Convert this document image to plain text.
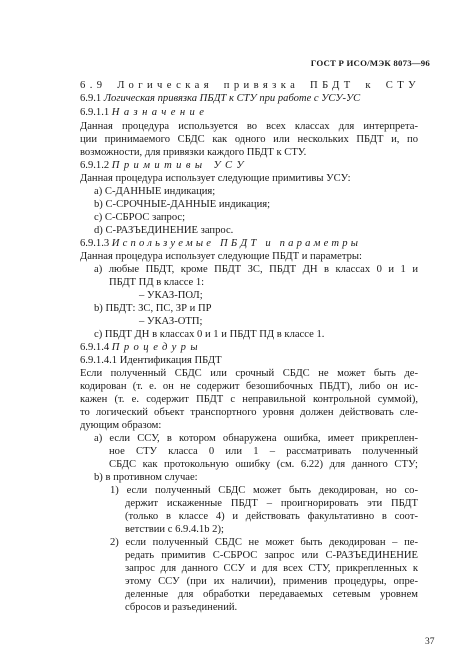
ГОСТ Р ИСО/МЭК 8073—96
6.9 Логическая привязка ПБДТ к СТУ
6.9.1 Логическая привязка ПБДТ к СТУ при работе с УСУ-УС
6.9.1.1 Назначение
Данная процедура используется во всех классах для интерпрета-
ции принимаемого СБДС как одного или нескольких ПБДТ и, по
возможности, для привязки каждого ПБДТ к СТУ.
6.9.1.2 Примитивы УСУ
Данная процедура использует следующие примитивы УСУ:
а) С-ДАННЫЕ индикация;
b) С-СРОЧНЫЕ-ДАННЫЕ индикация;
с) С-СБРОС запрос;
d) С-РАЗЪЕДИНЕНИЕ запрос.
6.9.1.3 Используемые ПБДТ и параметры
Данная процедура использует следующие ПБДТ и параметры:
а) любые ПБДТ, кроме ПБДТ ЗС, ПБДТ ДН в классах 0 и 1 и
ПБДТ ПД в классе 1:
– УКАЗ-ПОЛ;
b) ПБДТ: ЗС, ПС, ЗР и ПР
– УКАЗ-ОТП;
с) ПБДТ ДН в классах 0 и 1 и ПБДТ ПД в классе 1.
6.9.1.4 Процедуры
6.9.1.4.1 Идентификация ПБДТ
Если полученный СБДС или срочный СБДС не может быть де-
кодирован (т. е. он не содержит безошибочных ПБДТ), либо он ис-
кажен (т. е. содержит ПБДТ с неправильной контрольной суммой),
то логический объект транспортного уровня должен действовать сле-
дующим образом:
а) если ССУ, в котором обнаружена ошибка, имеет прикреплен-
ное СТУ класса 0 или 1 – рассматривать полученный
СБДС как протокольную ошибку (см. 6.22) для данного СТУ;
b) в противном случае:
1) если полученный СБДС может быть декодирован, но со-
держит искаженные ПБДТ – проигнорировать эти ПБДТ
(только в классе 4) и действовать факультативно в соот-
ветствии с 6.9.4.1b 2);
2) если полученный СБДС не может быть декодирован – пе-
редать примитив С-СБРОС запрос или С-РАЗЪЕДИНЕНИЕ
запрос для данного ССУ и для всех СТУ, прикрепленных к
этому ССУ (при их наличии), применив процедуры, опре-
деленные для обработки передаваемых сетевым уровнем
сбросов и разъединений.
37
